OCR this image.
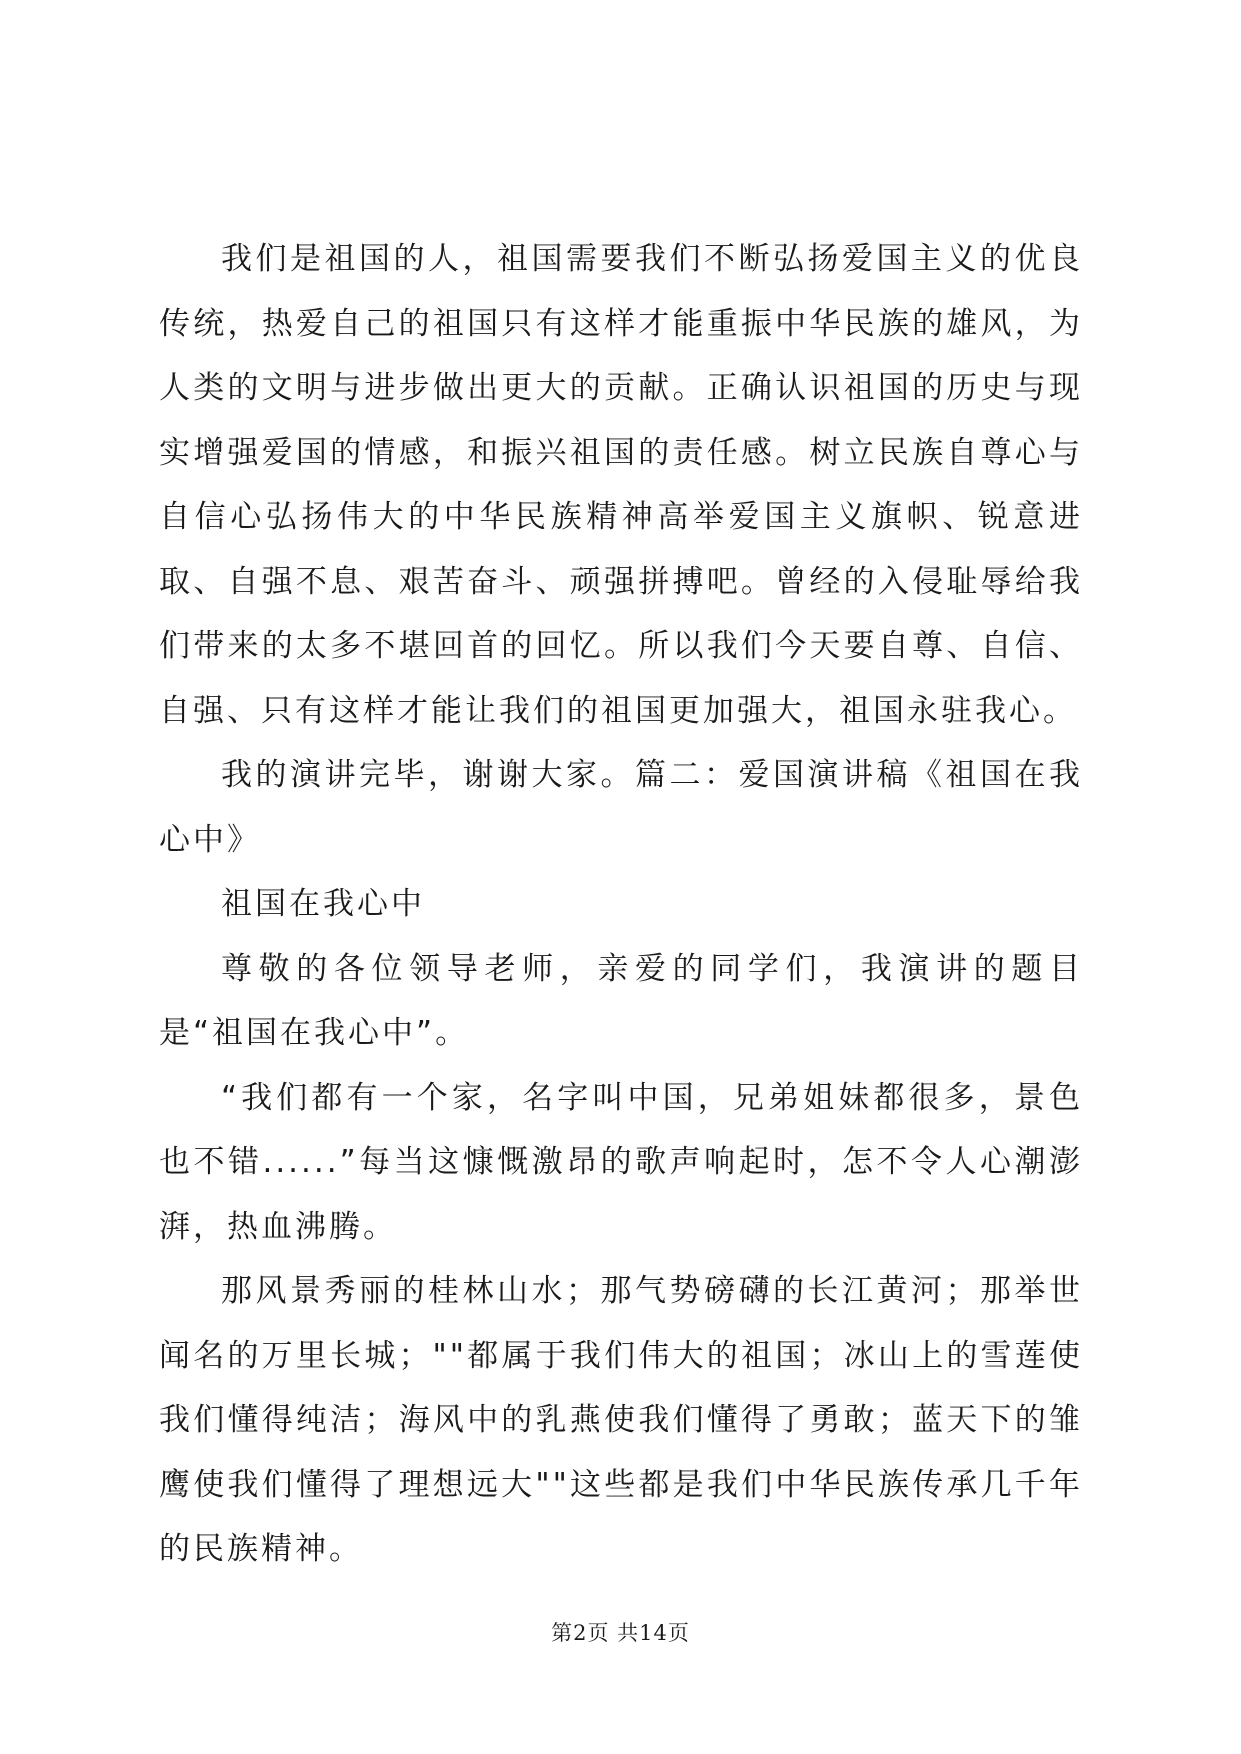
我们是祖国的人，祖国需要我们不断弘扬爱国主义的优良传统，热爱自己的祖国只有这样才能重振中华民族的雄风，为人类的文明与进步做出更大的贡献。正确认识祖国的历史与现实增强爱国的情感，和振兴祖国的责任感。树立民族自尊心与自信心弘扬伟大的中华民族精神高举爱国主义旗帜、锐意进取、自强不息、艰苦奋斗、顽强拼搏吧。曾经的入侵耻辱给我们带来的太多不堪回首的回忆。所以我们今天要自尊、自信、自强、只有这样才能让我们的祖国更加强大，祖国永驻我心。

我的演讲完毕，谢谢大家。篇二：爱国演讲稿《祖国在我心中》

祖国在我心中

尊敬的各位领导老师，亲爱的同学们，我演讲的题目是“祖国在我心中”。

“我们都有一个家，名字叫中国，兄弟姐妹都很多，景色也不错......”每当这慷慨激昂的歌声响起时，怎不令人心潮澎湃，热血沸腾。

那风景秀丽的桂林山水；那气势磅礴的长江黄河；那举世闻名的万里长城；""都属于我们伟大的祖国；冰山上的雪莲使我们懂得纯洁；海风中的乳燕使我们懂得了勇敢；蓝天下的雏鹰使我们懂得了理想远大""这些都是我们中华民族传承几千年的民族精神。

第2页 共14页
